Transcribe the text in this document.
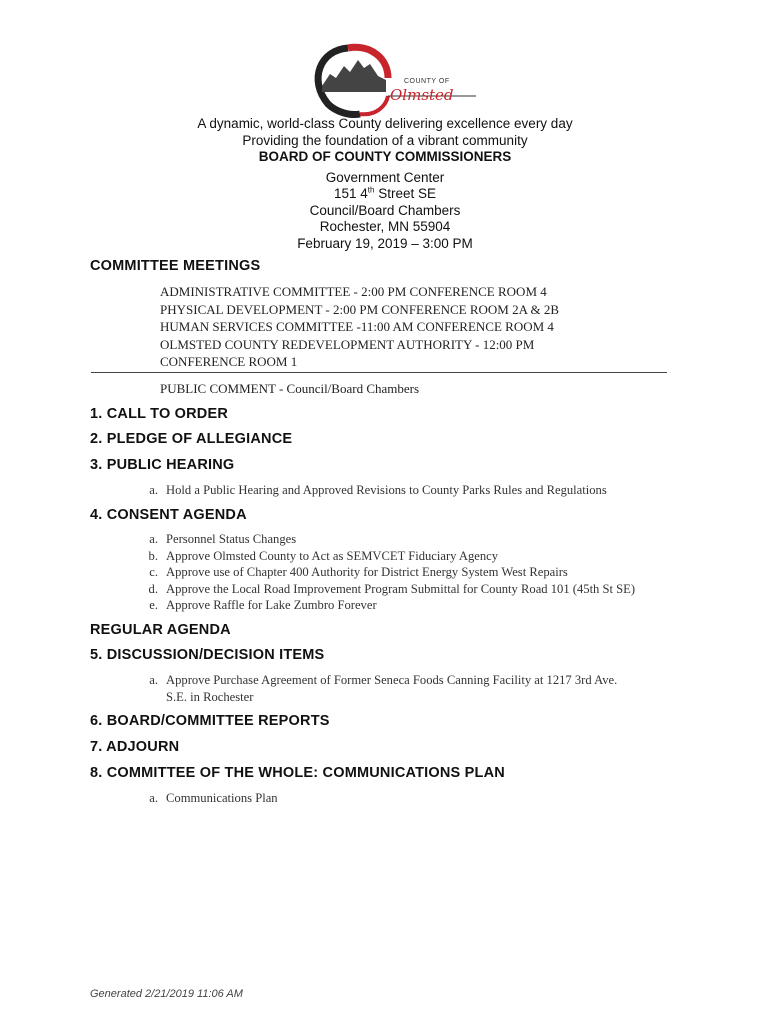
COUNTY OF
Olmsted
A dynamic, world-class County delivering excellence every day
Providing the foundation of a vibrant community
BOARD OF COUNTY COMMISSIONERS
Government Center
151 4th Street SE
Council/Board Chambers
Rochester, MN 55904
February 19, 2019 – 3:00 PM
COMMITTEE MEETINGS
ADMINISTRATIVE COMMITTEE - 2:00 PM CONFERENCE ROOM 4
PHYSICAL DEVELOPMENT - 2:00 PM CONFERENCE ROOM 2A & 2B
HUMAN SERVICES COMMITTEE -11:00 AM CONFERENCE ROOM 4
OLMSTED COUNTY REDEVELOPMENT AUTHORITY - 12:00 PM
CONFERENCE ROOM 1
PUBLIC COMMENT - Council/Board Chambers
1. CALL TO ORDER
2. PLEDGE OF ALLEGIANCE
3. PUBLIC HEARING
a. Hold a Public Hearing and Approved Revisions to County Parks Rules and Regulations
4. CONSENT AGENDA
a. Personnel Status Changes
b. Approve Olmsted County to Act as SEMVCET Fiduciary Agency
c. Approve use of Chapter 400 Authority for District Energy System West Repairs
d. Approve the Local Road Improvement Program Submittal for County Road 101 (45th St SE)
e. Approve Raffle for Lake Zumbro Forever
REGULAR AGENDA
5. DISCUSSION/DECISION ITEMS
a. Approve Purchase Agreement of Former Seneca Foods Canning Facility at 1217 3rd Ave.
S.E. in Rochester
6. BOARD/COMMITTEE REPORTS
7. ADJOURN
8. COMMITTEE OF THE WHOLE: COMMUNICATIONS PLAN
a. Communications Plan
Generated 2/21/2019 11:06 AM
